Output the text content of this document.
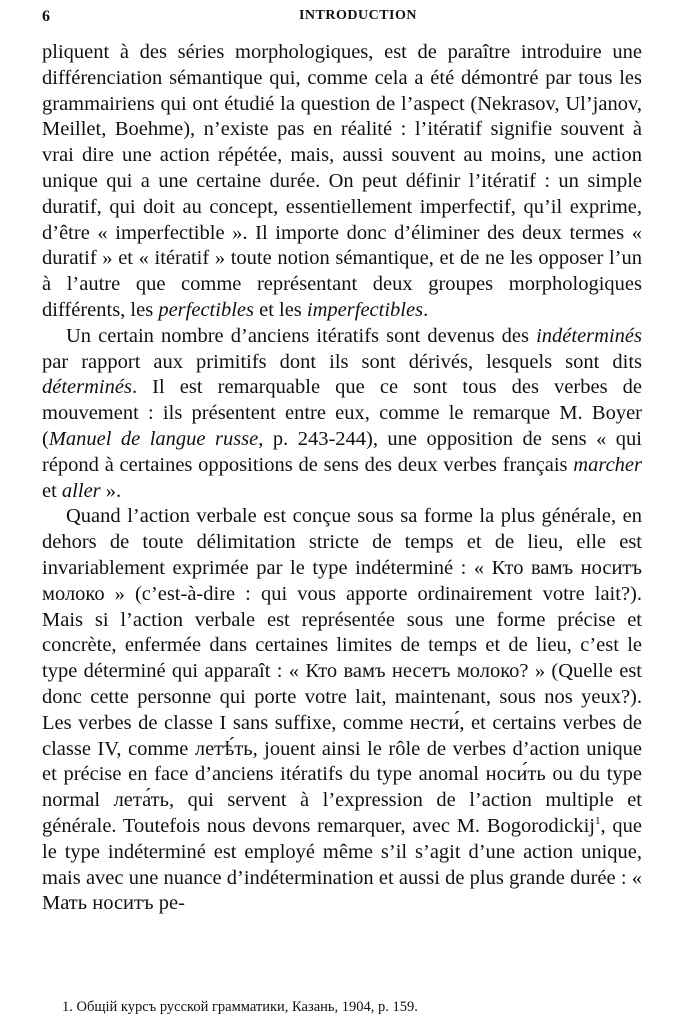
6	INTRODUCTION

pliquent à des séries morphologiques, est de paraître introduire une différenciation sémantique qui, comme cela a été démontré par tous les grammairiens qui ont étudié la question de l’aspect (Nekrasov, Ul’janov, Meillet, Boehme), n’existe pas en réalité : l’itératif signifie souvent à vrai dire une action répétée, mais, aussi souvent au moins, une action unique qui a une certaine durée. On peut définir l’itératif : un simple duratif, qui doit au concept, essentiellement imperfectif, qu’il exprime, d’être « imperfectible ». Il importe donc d’éliminer des deux termes « duratif » et « itératif » toute notion sémantique, et de ne les opposer l’un à l’autre que comme représentant deux groupes morphologiques différents, les perfectibles et les imperfectibles.

Un certain nombre d’anciens itératifs sont devenus des indéterminés par rapport aux primitifs dont ils sont dérivés, lesquels sont dits déterminés. Il est remarquable que ce sont tous des verbes de mouvement : ils présentent entre eux, comme le remarque M. Boyer (Manuel de langue russe, p. 243-244), une opposition de sens « qui répond à certaines oppositions de sens des deux verbes français marcher et aller ».

Quand l’action verbale est conçue sous sa forme la plus générale, en dehors de toute délimitation stricte de temps et de lieu, elle est invariablement exprimée par le type indéterminé : « Кто вамъ носитъ молоко » (c’est-à-dire : qui vous apporte ordinairement votre lait?). Mais si l’action verbale est représentée sous une forme précise et concrète, enfermée dans certaines limites de temps et de lieu, c’est le type déterminé qui apparaît : « Кто вамъ несетъ молоко? » (Quelle est donc cette personne qui porte votre lait, maintenant, sous nos yeux?). Les verbes de classe I sans suffixe, comme нести́, et certains verbes de classe IV, comme летѣ́ть, jouent ainsi le rôle de verbes d’action unique et précise en face d’anciens itératifs du type anomal носи́ть ou du type normal лета́ть, qui servent à l’expression de l’action multiple et générale. Toutefois nous devons remarquer, avec M. Bogorodickij$^1$, que le type indéterminé est employé même s’il s’agit d’une action unique, mais avec une nuance d’indétermination et aussi de plus grande durée : « Мать носитъ pe-

1. Общій курсъ русской грамматики, Казань, 1904, p. 159.
